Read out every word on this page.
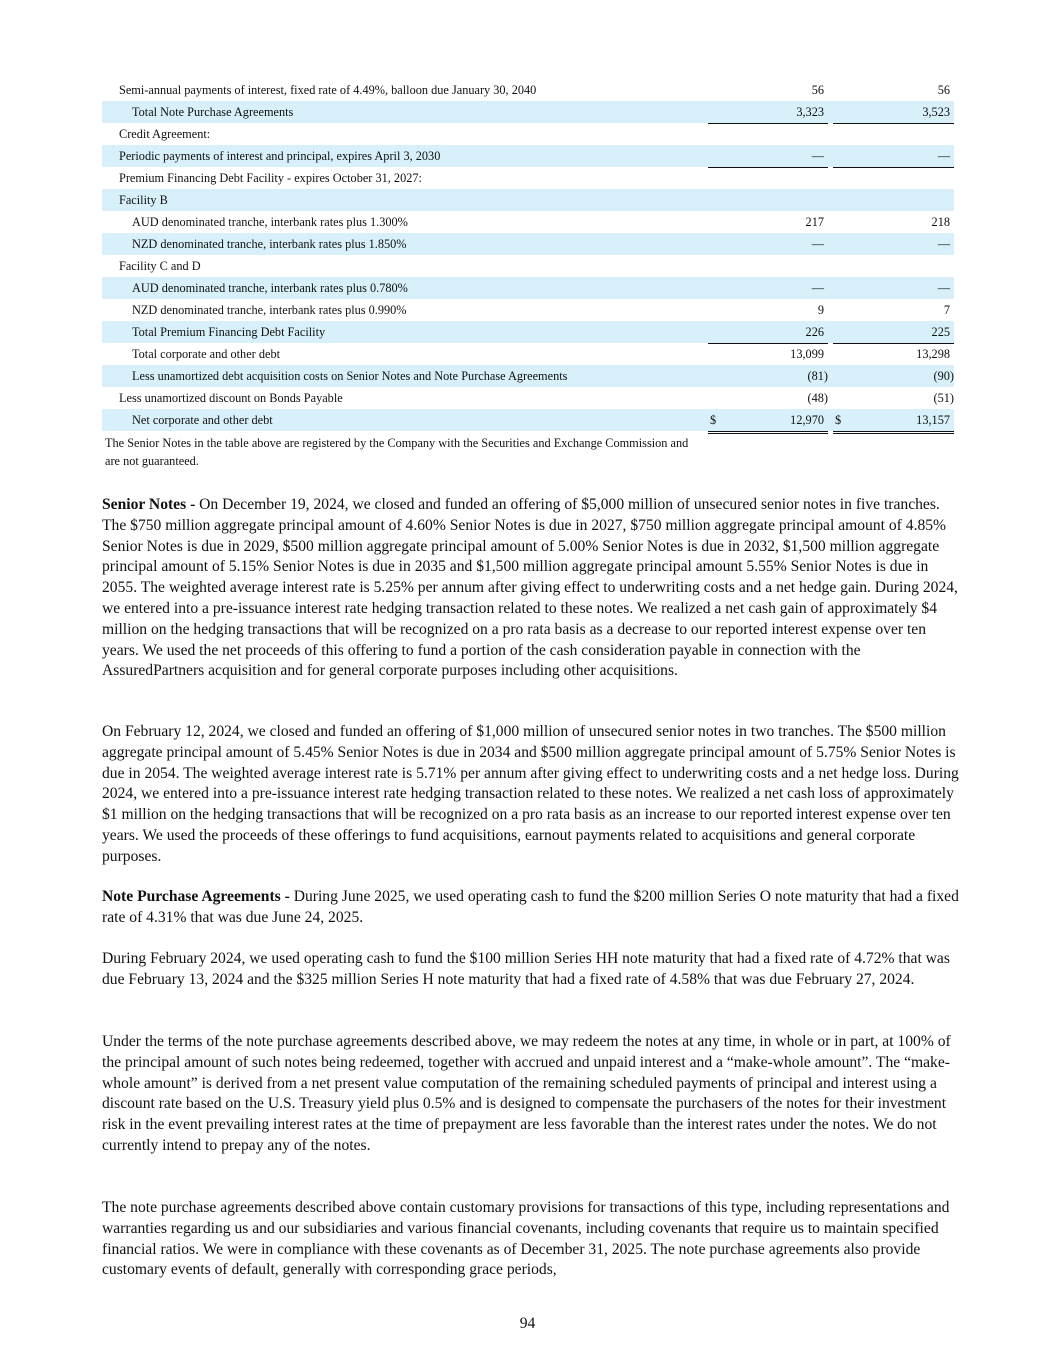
Semi-annual payments of interest, fixed rate of 4.49%, balloon due January 30, 2040	56	56
Total Note Purchase Agreements	3,323	3,523
Credit Agreement:
Periodic payments of interest and principal, expires April 3, 2030	—	—
Premium Financing Debt Facility - expires October 31, 2027:
Facility B
AUD denominated tranche, interbank rates plus 1.300%	217	218
NZD denominated tranche, interbank rates plus 1.850%	—	—
Facility C and D
AUD denominated tranche, interbank rates plus 0.780%	—	—
NZD denominated tranche, interbank rates plus 0.990%	9	7
Total Premium Financing Debt Facility	226	225
Total corporate and other debt	13,099	13,298
Less unamortized debt acquisition costs on Senior Notes and Note Purchase Agreements	(81)	(90)
Less unamortized discount on Bonds Payable	(48)	(51)
Net corporate and other debt	$	12,970 $	13,157
The Senior Notes in the table above are registered by the Company with the Securities and Exchange Commission and are not guaranteed.

Senior Notes - On December 19, 2024, we closed and funded an offering of $5,000 million of unsecured senior notes in five tranches. The $750 million aggregate principal amount of 4.60% Senior Notes is due in 2027, $750 million aggregate principal amount of 4.85% Senior Notes is due in 2029, $500 million aggregate principal amount of 5.00% Senior Notes is due in 2032, $1,500 million aggregate principal amount of 5.15% Senior Notes is due in 2035 and $1,500 million aggregate principal amount 5.55% Senior Notes is due in 2055. The weighted average interest rate is 5.25% per annum after giving effect to underwriting costs and a net hedge gain. During 2024, we entered into a pre-issuance interest rate hedging transaction related to these notes. We realized a net cash gain of approximately $4 million on the hedging transactions that will be recognized on a pro rata basis as a decrease to our reported interest expense over ten years. We used the net proceeds of this offering to fund a portion of the cash consideration payable in connection with the AssuredPartners acquisition and for general corporate purposes including other acquisitions.

On February 12, 2024, we closed and funded an offering of $1,000 million of unsecured senior notes in two tranches. The $500 million aggregate principal amount of 5.45% Senior Notes is due in 2034 and $500 million aggregate principal amount of 5.75% Senior Notes is due in 2054. The weighted average interest rate is 5.71% per annum after giving effect to underwriting costs and a net hedge loss. During 2024, we entered into a pre-issuance interest rate hedging transaction related to these notes. We realized a net cash loss of approximately $1 million on the hedging transactions that will be recognized on a pro rata basis as an increase to our reported interest expense over ten years. We used the proceeds of these offerings to fund acquisitions, earnout payments related to acquisitions and general corporate purposes.

Note Purchase Agreements - During June 2025, we used operating cash to fund the $200 million Series O note maturity that had a fixed rate of 4.31% that was due June 24, 2025.

During February 2024, we used operating cash to fund the $100 million Series HH note maturity that had a fixed rate of 4.72% that was due February 13, 2024 and the $325 million Series H note maturity that had a fixed rate of 4.58% that was due February 27, 2024.

Under the terms of the note purchase agreements described above, we may redeem the notes at any time, in whole or in part, at 100% of the principal amount of such notes being redeemed, together with accrued and unpaid interest and a “make-whole amount”. The “make-whole amount” is derived from a net present value computation of the remaining scheduled payments of principal and interest using a discount rate based on the U.S. Treasury yield plus 0.5% and is designed to compensate the purchasers of the notes for their investment risk in the event prevailing interest rates at the time of prepayment are less favorable than the interest rates under the notes. We do not currently intend to prepay any of the notes.

The note purchase agreements described above contain customary provisions for transactions of this type, including representations and warranties regarding us and our subsidiaries and various financial covenants, including covenants that require us to maintain specified financial ratios. We were in compliance with these covenants as of December 31, 2025. The note purchase agreements also provide customary events of default, generally with corresponding grace periods,

94
